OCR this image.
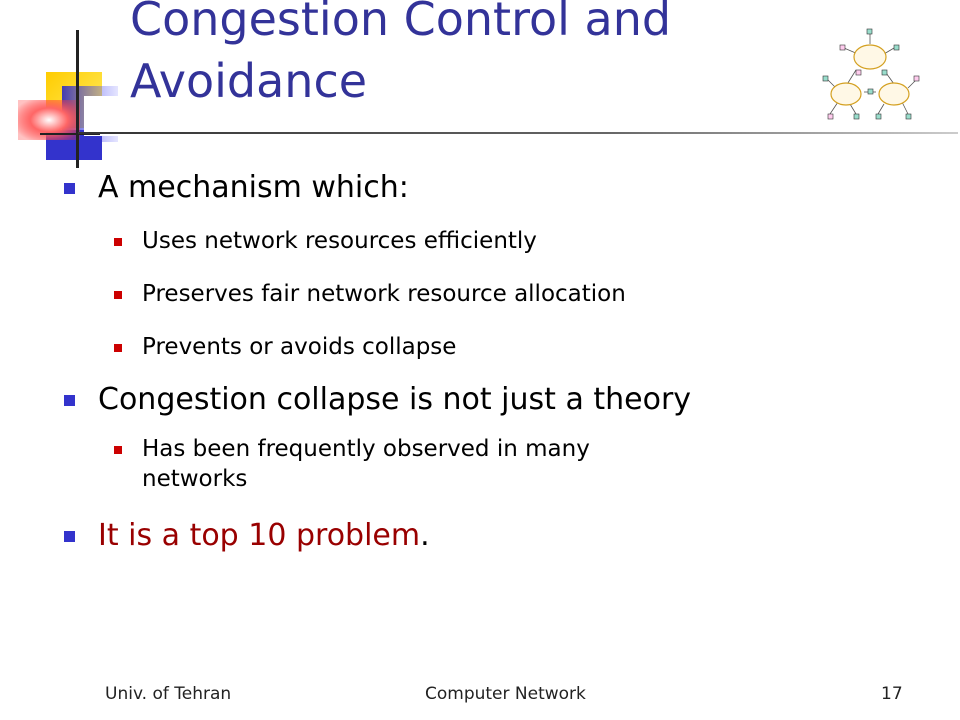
Congestion Control and
Avoidance

A mechanism which:

Uses network resources efficiently

Preserves fair network resource allocation

Prevents or avoids collapse

Congestion collapse is not just a theory

Has been frequently observed in many
networks

It is a top 10 problem.

Univ. of Tehran	Computer Network	17
